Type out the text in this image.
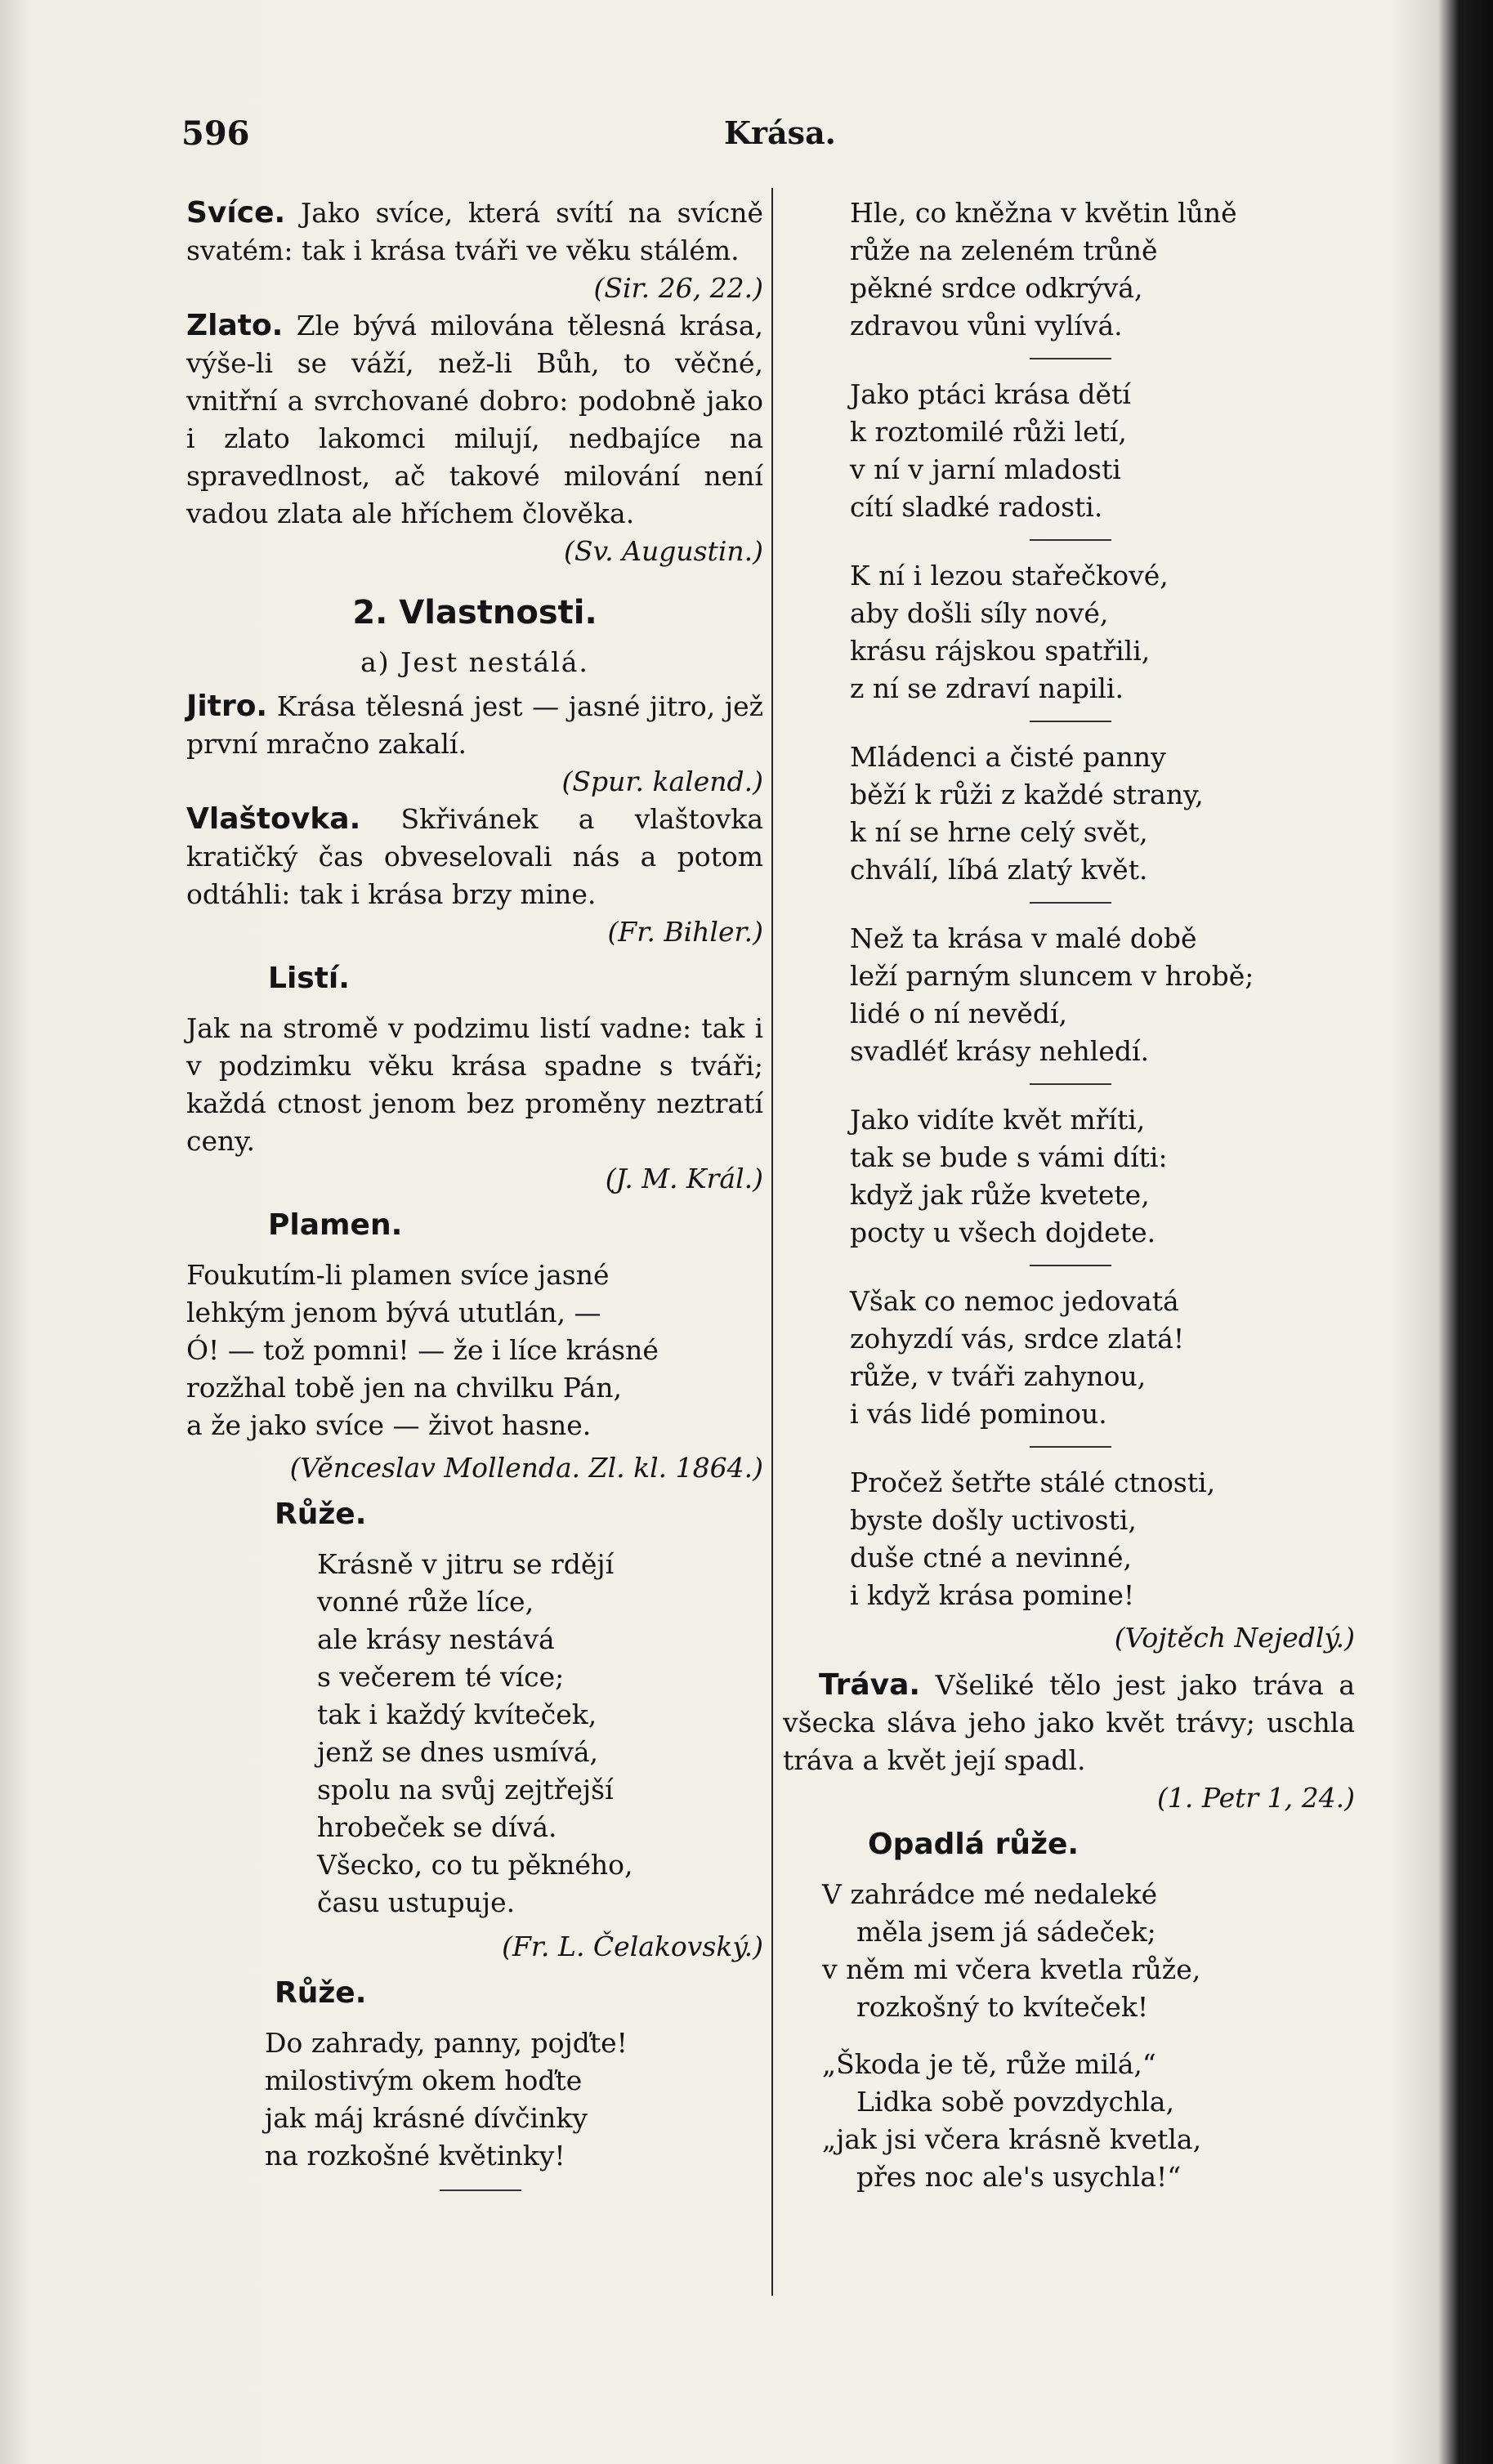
596	Krása.

Svíce. Jako svíce, která svítí na svícně svatém: tak i krása tváři ve věku stálém.

(Sir. 26, 22.)

Zlato. Zle bývá milována tělesná krása, výše-li se váží, než-li Bůh, to věčné, vnitřní a svrchované dobro: podobně jako i zlato lakomci milují, nedbajíce na spravedlnost, ač takové milování není vadou zlata ale hříchem člověka.

(Sv. Augustin.)

2. Vlastnosti.
a) Jest nestálá.

Jitro. Krása tělesná jest — jasné jitro, jež první mračno zakalí.

(Spur. kalend.)

Vlaštovka. Skřivánek a vlaštovka kratičký čas obveselovali nás a potom odtáhli: tak i krása brzy mine.

(Fr. Bihler.)

Listí.

Jak na stromě v podzimu listí vadne: tak i v podzimku věku krása spadne s tváři; každá ctnost jenom bez proměny neztratí ceny.

(J. M. Král.)

Plamen.
Foukutím-li plamen svíce jasné
lehkým jenom bývá ututlán, —
Ó! — tož pomni! — že i líce krásné
rozžhal tobě jen na chvilku Pán,
a že jako svíce — život hasne.

(Věnceslav Mollenda. Zl. kl. 1864.)

Růže.
Krásně v jitru se rdějí
vonné růže líce,
ale krásy nestává
s večerem té více;
tak i každý kvíteček,
jenž se dnes usmívá,
spolu na svůj zejtřejší
hrobeček se dívá.
Všecko, co tu pěkného,
času ustupuje.

(Fr. L. Čelakovský.)

Růže.
Do zahrady, panny, pojďte!
milostivým okem hoďte
jak máj krásné dívčinky
na rozkošné květinky!
Hle, co kněžna v květin lůně
růže na zeleném trůně
pěkné srdce odkrývá,
zdravou vůni vylívá.
Jako ptáci krása dětí
k roztomilé růži letí,
v ní v jarní mladosti
cítí sladké radosti.
K ní i lezou stařečkové,
aby došli síly nové,
krásu rájskou spatřili,
z ní se zdraví napili.
Mládenci a čisté panny
běží k růži z každé strany,
k ní se hrne celý svět,
chválí, líbá zlatý květ.
Než ta krása v malé době
leží parným sluncem v hrobě;
lidé o ní nevědí,
svadléť krásy nehledí.
Jako vidíte květ mříti,
tak se bude s vámi díti:
když jak růže kvetete,
pocty u všech dojdete.
Však co nemoc jedovatá
zohyzdí vás, srdce zlatá!
růže, v tváři zahynou,
i vás lidé pominou.
Pročež šetřte stálé ctnosti,
byste došly uctivosti,
duše ctné a nevinné,
i když krása pomine!

(Vojtěch Nejedlý.)

Tráva. Všeliké tělo jest jako tráva a všecka sláva jeho jako květ trávy; uschla tráva a květ její spadl.

(1. Petr 1, 24.)

Opadlá růže.
V zahrádce mé nedaleké
měla jsem já sádeček;
v něm mi včera kvetla růže,
rozkošný to kvíteček!
„Škoda je tě, růže milá,“
Lidka sobě povzdychla,
„jak jsi včera krásně kvetla,
přes noc ale's usychla!“
